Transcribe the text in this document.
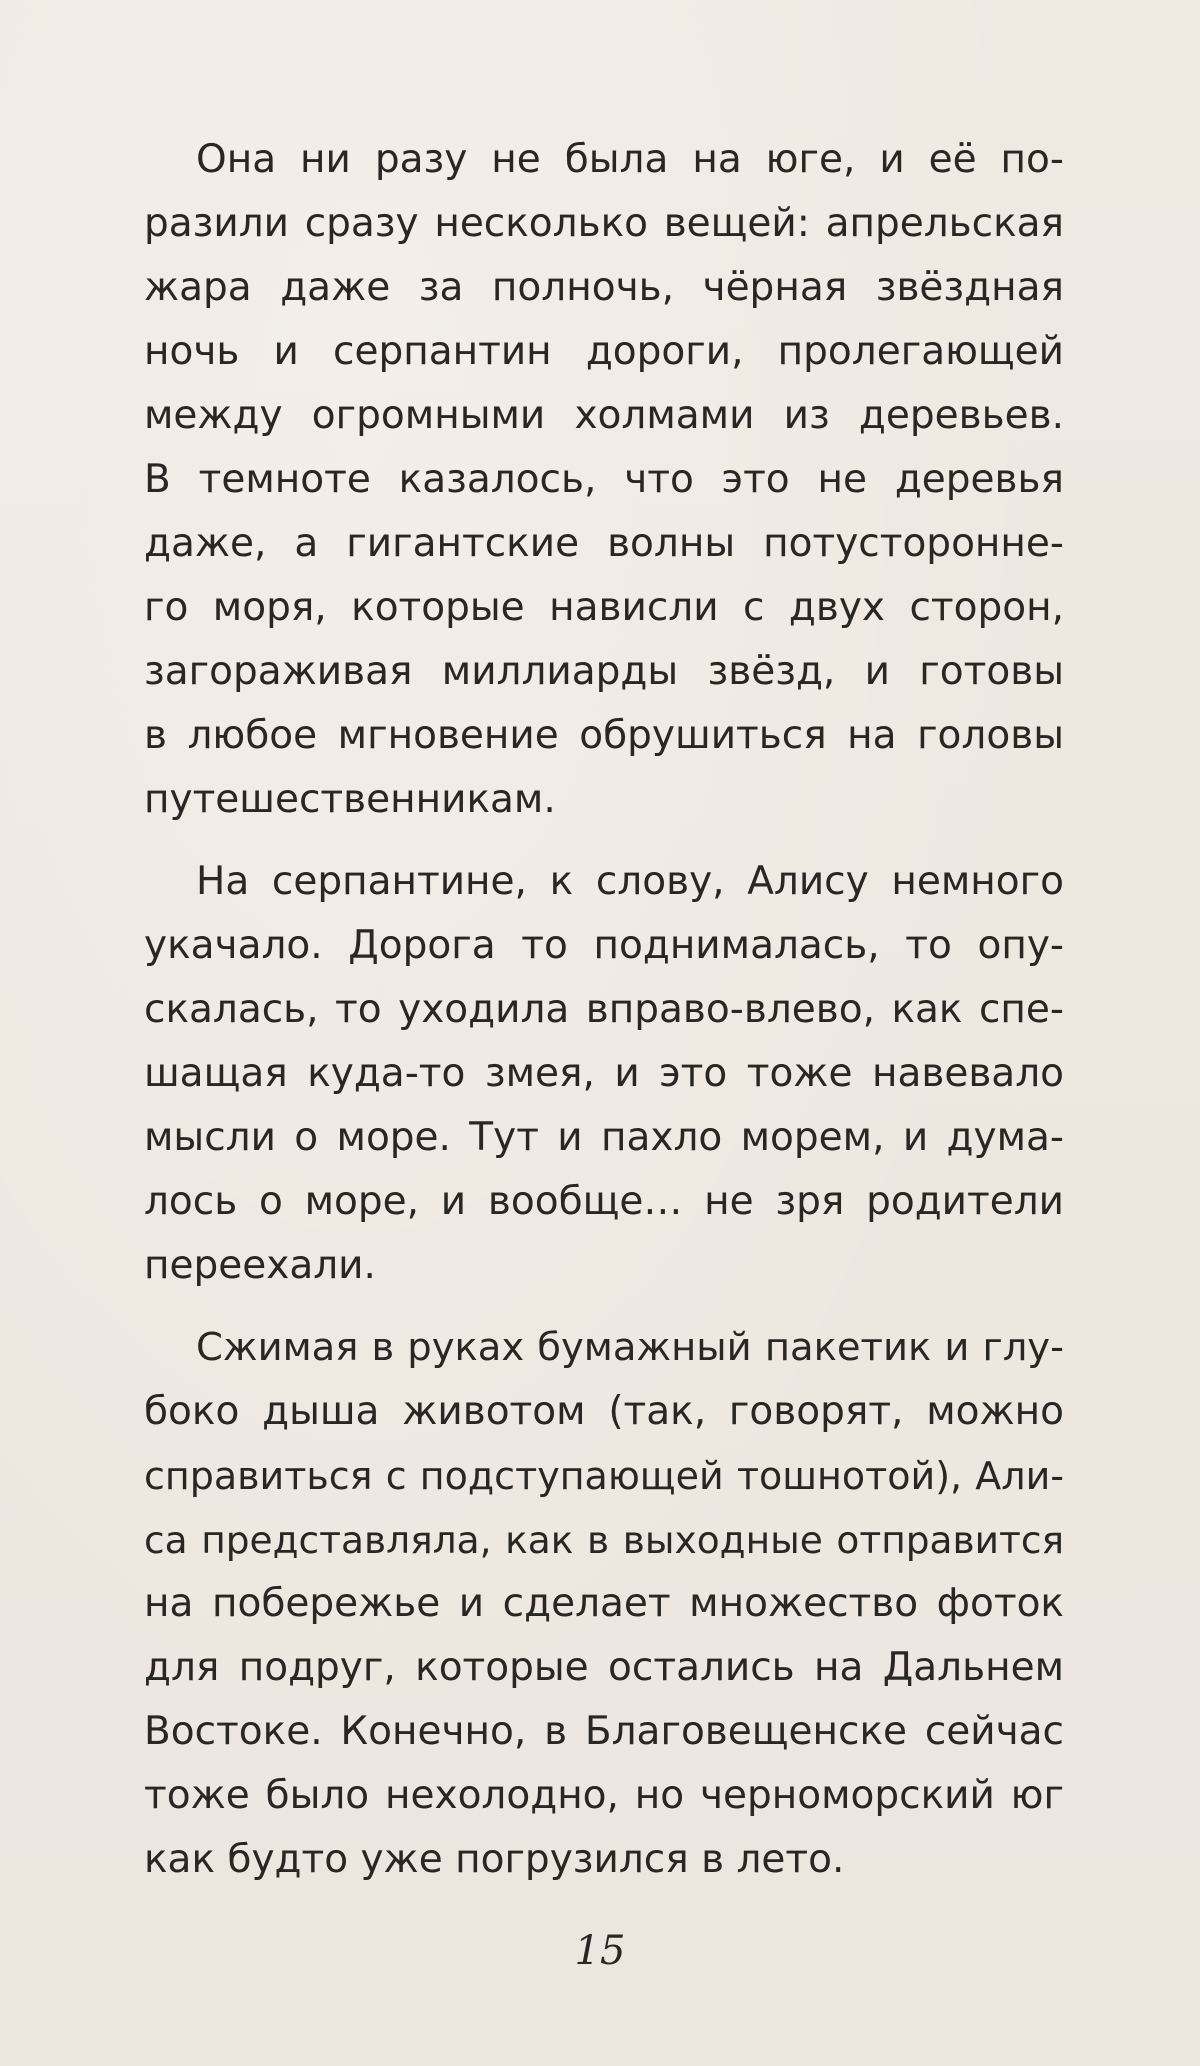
Она ни разу не была на юге, и её по-
разили сразу несколько вещей: апрельская
жара даже за полночь, чёрная звёздная
ночь и серпантин дороги, пролегающей
между огромными холмами из деревьев.
В темноте казалось, что это не деревья
даже, а гигантские волны потусторонне-
го моря, которые нависли с двух сторон,
загораживая миллиарды звёзд, и готовы
в любое мгновение обрушиться на головы
путешественникам.

На серпантине, к слову, Алису немного
укачало. Дорога то поднималась, то опу-
скалась, то уходила вправо-влево, как спе-
шащая куда-то змея, и это тоже навевало
мысли о море. Тут и пахло морем, и дума-
лось о море, и вообще… не зря родители
переехали.

Сжимая в руках бумажный пакетик и глу-
боко дыша животом (так, говорят, можно
справиться с подступающей тошнотой), Али-
са представляла, как в выходные отправится
на побережье и сделает множество фоток
для подруг, которые остались на Дальнем
Востоке. Конечно, в Благовещенске сейчас
тоже было нехолодно, но черноморский юг
как будто уже погрузился в лето.

15
